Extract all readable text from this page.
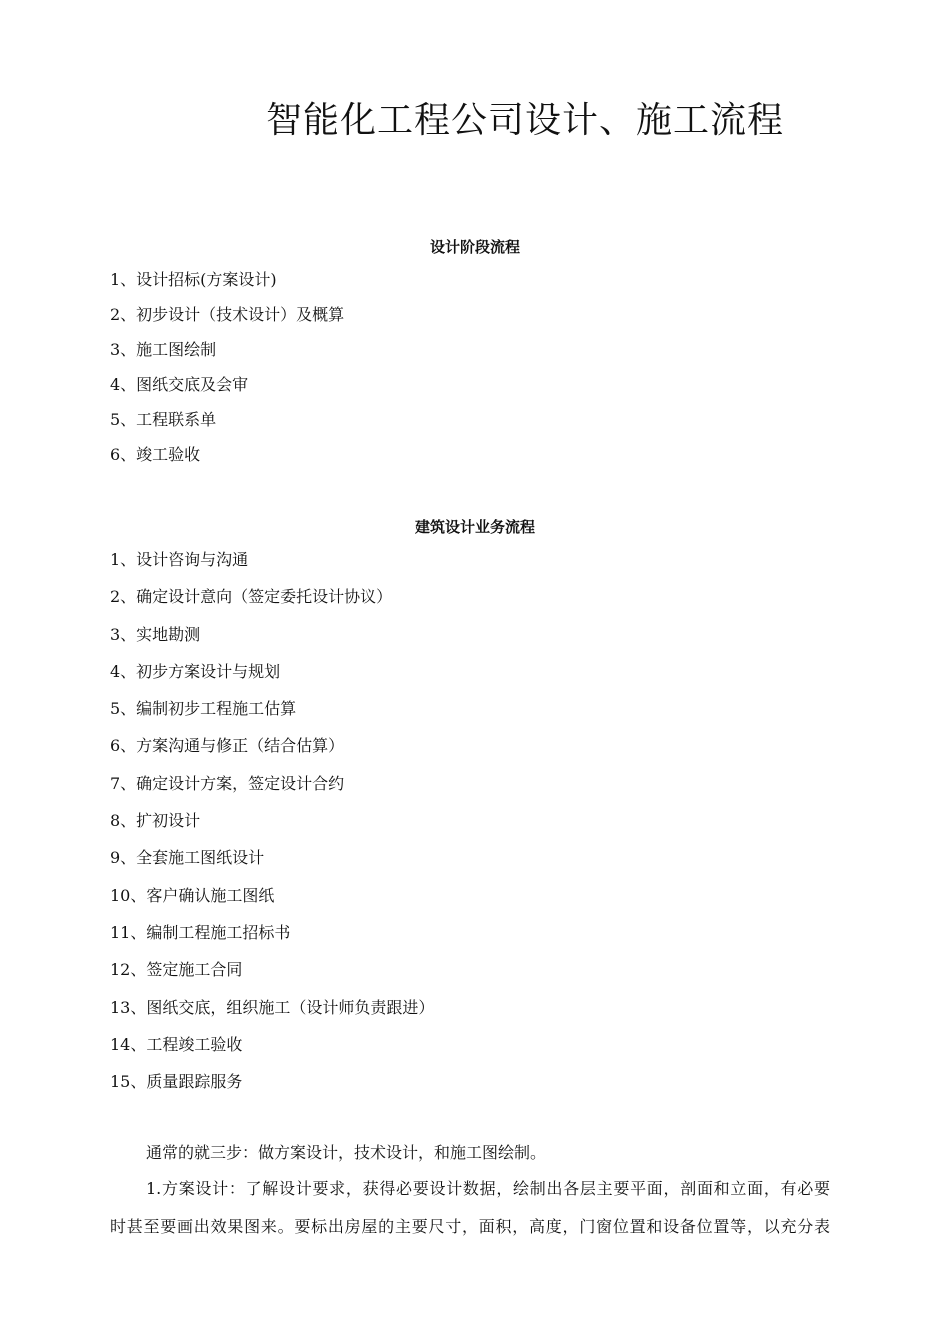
智能化工程公司设计、施工流程
设计阶段流程
1、设计招标(方案设计)
2、初步设计（技术设计）及概算
3、施工图绘制
4、图纸交底及会审
5、工程联系单
6、竣工验收
建筑设计业务流程
1、设计咨询与沟通
2、确定设计意向（签定委托设计协议）
3、实地勘测
4、初步方案设计与规划
5、编制初步工程施工估算
6、方案沟通与修正（结合估算）
7、确定设计方案，签定设计合约
8、扩初设计
9、全套施工图纸设计
10、客户确认施工图纸
11、编制工程施工招标书
12、签定施工合同
13、图纸交底，组织施工（设计师负责跟进）
14、工程竣工验收
15、质量跟踪服务
通常的就三步：做方案设计，技术设计，和施工图绘制。
1.方案设计：了解设计要求，获得必要设计数据，绘制出各层主要平面，剖面和立面，有必要
时甚至要画出效果图来。要标出房屋的主要尺寸，面积，高度，门窗位置和设备位置等，以充分表
